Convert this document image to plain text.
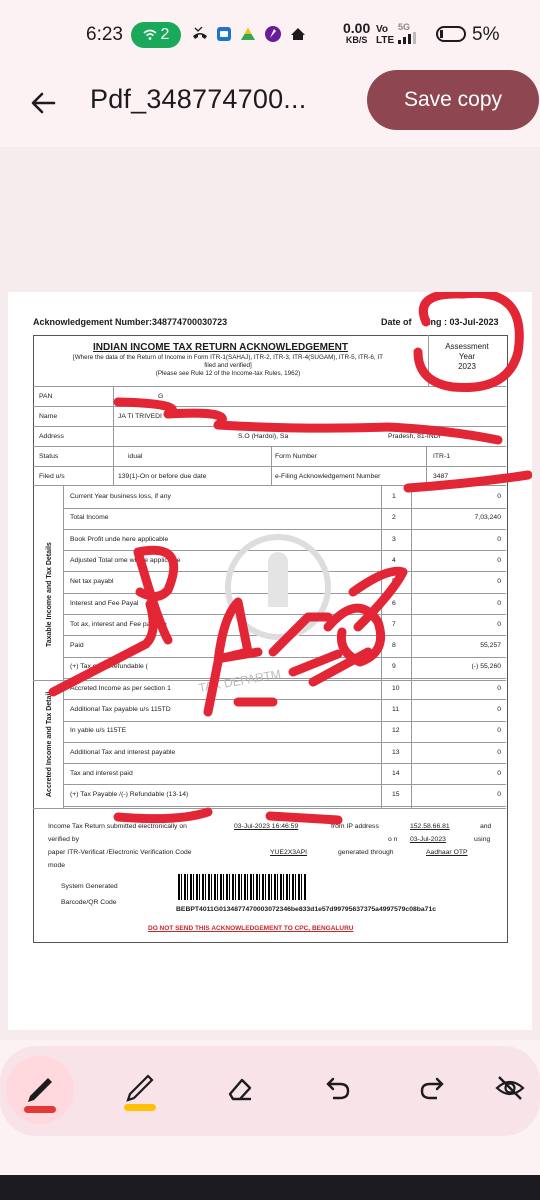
6:23 2	0.00
KB/S
Vo
LTE
5G	5%
Pdf_348774700...	Save copy
Acknowledgement Number:348774700030723	Date of ing : 03-Jul-2023
INDIAN INCOME TAX RETURN ACKNOWLEDGEMENT
[Where the data of the Return of Income in Form ITR-1(SAHAJ), ITR-2, ITR-3, ITR-4(SUGAM), ITR-5, ITR-6, IT
filed and verified]
(Please see Rule 12 of the Income-tax Rules, 1962)
Assessment
Year
2023
PAN	G
Name	JA TI TRIVEDI
Address	S.O (Hardoi), Sa	Pradesh, 81-INDI
Status	idual	Form Number	ITR-1
Filed u/s	139(1)-On or before due date	e-Filing Acknowledgement Number	3487
Taxable Income and Tax Details
Accreted Income and Tax Detail
Current Year business loss, if any	1	0
Total Income	2	7,03,240
Book Profit unde here applicable	3	0
Adjusted Total ome where applicable	4	0
Net tax payabl	5	0
Interest and Fee Payal	6	0
Tot ax, interest and Fee payable	7	0
Paid	8	55,257
(+) Tax e /(-) Refundable (	9	(-) 55,260
Accreted Income as per section 1	10	0
Additional Tax payable u/s 115TD	11	0
In yable u/s 115TE	12	0
Additional Tax and interest payable	13	0
Tax and interest paid	14	0
(+) Tax Payable /(-) Refundable (13-14)	15	0
Income Tax Return submitted electronically on	03-Jul-2023 16:46:59	from IP address	152.58.66.81	and
verified by	o n 03-Jul-2023	using
paper ITR-Verificat /Electronic Verification Code	YUE2X3API	generated through	Aadhaar OTP
mode
System Generated
Barcode/QR Code
BEBPT4011G0134877470003072346be833d1e57d99795637375a4997579c08ba71c
DO NOT SEND THIS ACKNOWLEDGEMENT TO CPC, BENGALURU
TAX DEPARTM
